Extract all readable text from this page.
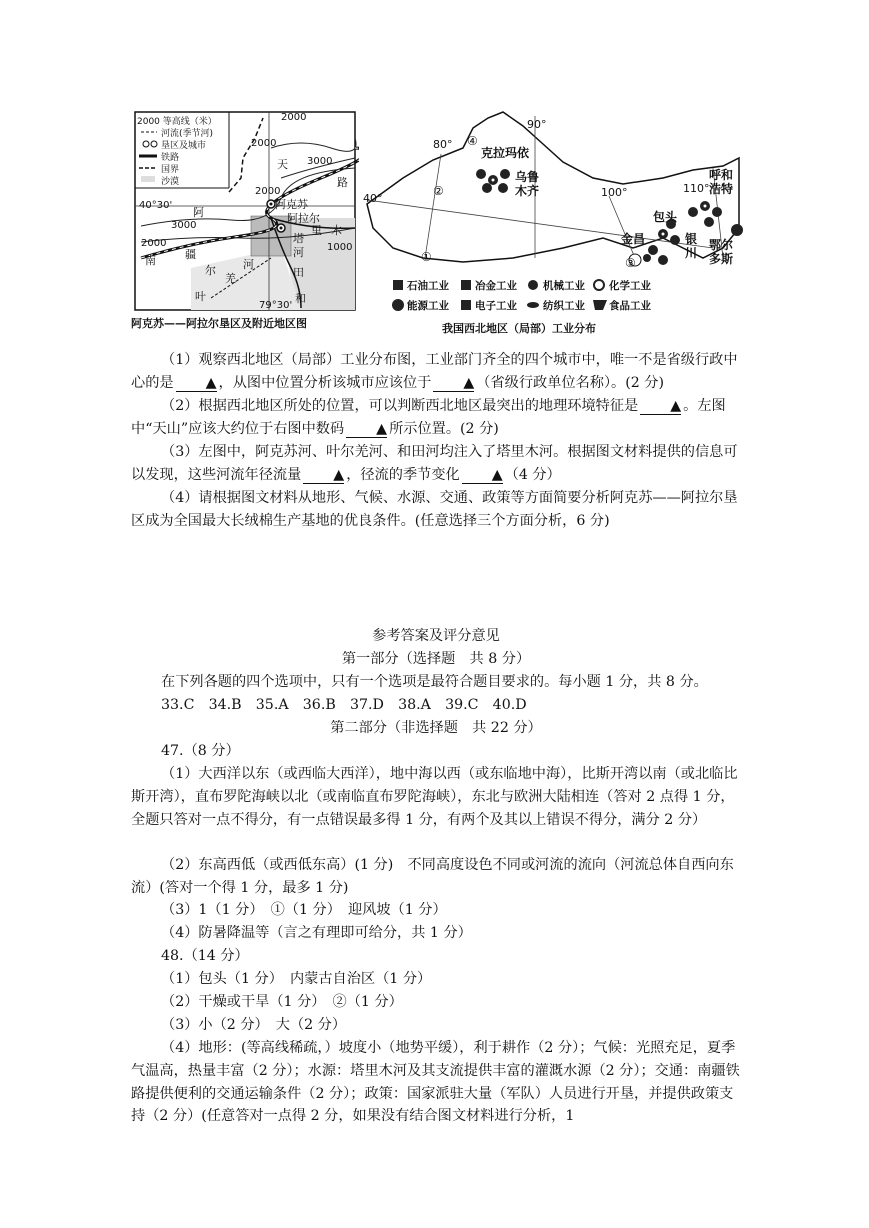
2000 等高线（米）
河流(季节河)
垦区及城市
铁路
国界
沙漠
2000
2000
2000
2000
3000
3000
1000
40°30'
79°30'
天
路
阿克苏
阿拉尔
塔
里 木
河
南	疆
尔
羌
河
田
和
叶
阿
阿克苏——阿拉尔垦区及附近地区图
90°
80°
100°	110°
40°
①
②
③
④
克拉玛依
乌鲁
木齐
呼和
浩特
包头
金昌	银
川
鄂尔
多斯
石油工业 冶金工业 机械工业 化学工业
能源工业 电子工业 纺织工业 食品工业
我国西北地区（局部）工业分布
（1）观察西北地区（局部）工业分布图，工业部门齐全的四个城市中，唯一不是省级行政中心的是 ▲ ，从图中位置分析该城市应该位于 ▲ （省级行政单位名称）。(2 分)
（2）根据西北地区所处的位置，可以判断西北地区最突出的地理环境特征是 ▲ 。左图中“天山”应该大约位于右图中数码 ▲ 所示位置。(2 分)
（3）左图中，阿克苏河、叶尔羌河、和田河均注入了塔里木河。根据图文材料提供的信息可以发现，这些河流年径流量 ▲ ，径流的季节变化 ▲ （4 分）
（4）请根据图文材料从地形、气候、水源、交通、政策等方面简要分析阿克苏——阿拉尔垦区成为全国最大长绒棉生产基地的优良条件。(任意选择三个方面分析，6 分)
参考答案及评分意见
第一部分（选择题　共 8 分）
在下列各题的四个选项中，只有一个选项是最符合题目要求的。每小题 1 分，共 8 分。
33.C　34.B　35.A　36.B　37.D　38.A　39.C　40.D
第二部分（非选择题　共 22 分）
47.（8 分）
（1）大西洋以东（或西临大西洋），地中海以西（或东临地中海），比斯开湾以南（或北临比斯开湾），直布罗陀海峡以北（或南临直布罗陀海峡），东北与欧洲大陆相连（答对 2 点得 1 分，全题只答对一点不得分，有一点错误最多得 1 分，有两个及其以上错误不得分，满分 2 分）
（2）东高西低（或西低东高）(1 分)　不同高度设色不同或河流的流向（河流总体自西向东流）(答对一个得 1 分，最多 1 分)
（3）1（1 分）　①（1 分）　迎风坡（1 分）
（4）防暑降温等（言之有理即可给分，共 1 分）
48.（14 分）
（1）包头（1 分）　内蒙古自治区（1 分）
（2）干燥或干旱（1 分）　②（1 分）
（3）小（2 分）　大（2 分）
（4）地形：(等高线稀疏，）坡度小（地势平缓），利于耕作（2 分）；气候：光照充足，夏季气温高，热量丰富（2 分）；水源：塔里木河及其支流提供丰富的灌溉水源（2 分）；交通：南疆铁路提供便利的交通运输条件（2 分）；政策：国家派驻大量（军队）人员进行开垦，并提供政策支持（2 分）(任意答对一点得 2 分，如果没有结合图文材料进行分析，1
